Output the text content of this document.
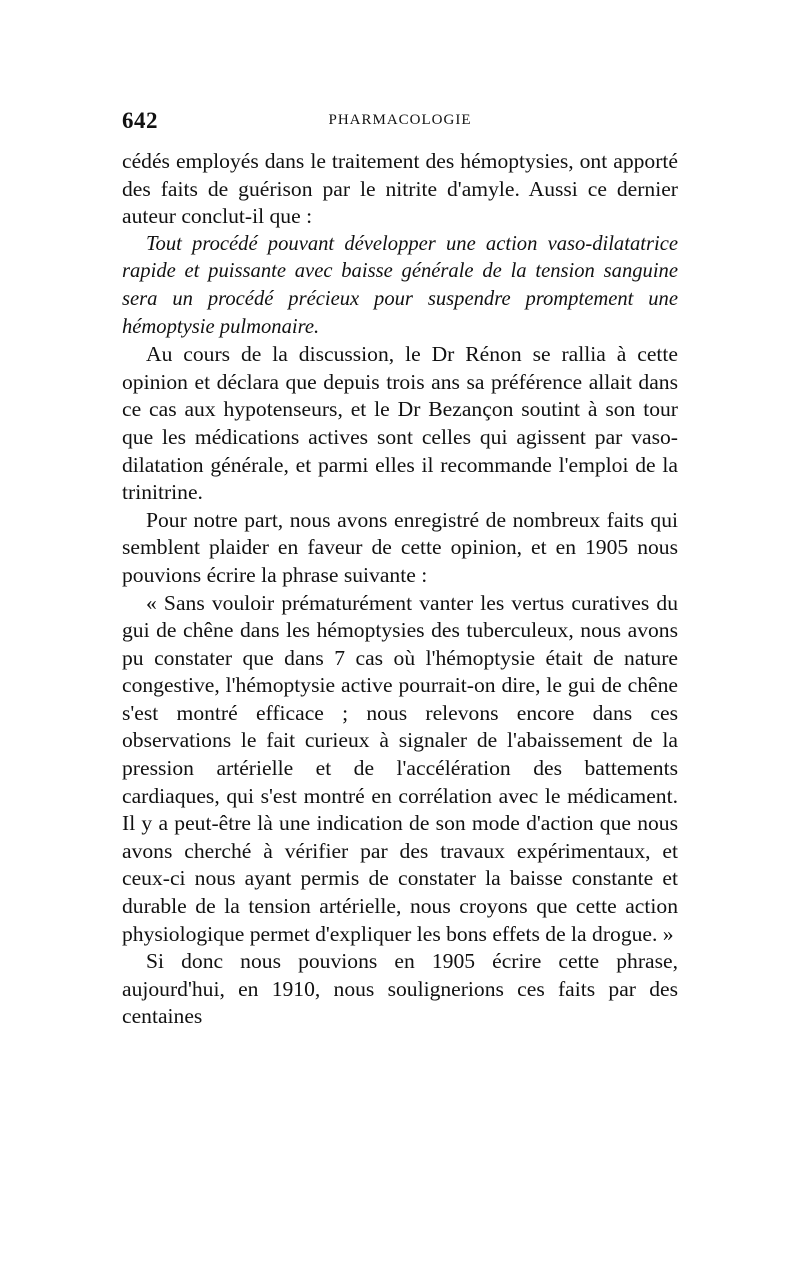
642	PHARMACOLOGIE

cédés employés dans le traitement des hémoptysies, ont apporté des faits de guérison par le nitrite d'amyle. Aussi ce dernier auteur conclut-il que :

Tout procédé pouvant développer une action vaso-dilatatrice rapide et puissante avec baisse générale de la tension sanguine sera un procédé précieux pour suspendre promptement une hémoptysie pulmonaire.

Au cours de la discussion, le Dr Rénon se rallia à cette opinion et déclara que depuis trois ans sa préférence allait dans ce cas aux hypotenseurs, et le Dr Bezançon soutint à son tour que les médications actives sont celles qui agissent par vaso-dilatation générale, et parmi elles il recommande l'emploi de la trinitrine.

Pour notre part, nous avons enregistré de nombreux faits qui semblent plaider en faveur de cette opinion, et en 1905 nous pouvions écrire la phrase suivante :

« Sans vouloir prématurément vanter les vertus curatives du gui de chêne dans les hémoptysies des tuberculeux, nous avons pu constater que dans 7 cas où l'hémoptysie était de nature congestive, l'hémoptysie active pourrait-on dire, le gui de chêne s'est montré efficace ; nous relevons encore dans ces observations le fait curieux à signaler de l'abaissement de la pression artérielle et de l'accélération des battements cardiaques, qui s'est montré en corrélation avec le médicament. Il y a peut-être là une indication de son mode d'action que nous avons cherché à vérifier par des travaux expérimentaux, et ceux-ci nous ayant permis de constater la baisse constante et durable de la tension artérielle, nous croyons que cette action physiologique permet d'expliquer les bons effets de la drogue. »

Si donc nous pouvions en 1905 écrire cette phrase, aujourd'hui, en 1910, nous soulignerions ces faits par des centaines
